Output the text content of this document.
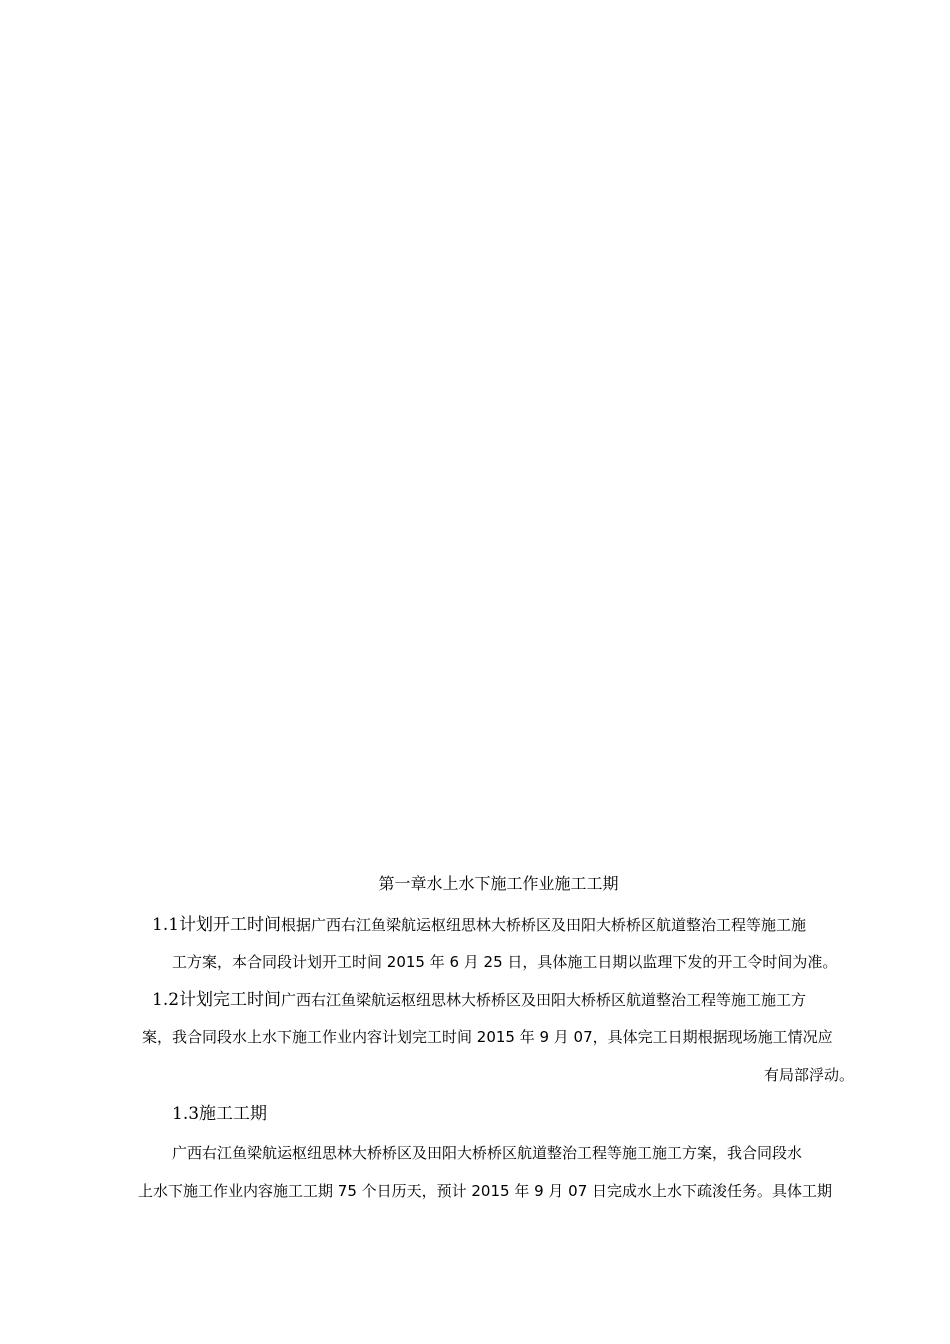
第一章水上水下施工作业施工工期
1.1计划开工时间根据广西右江鱼梁航运枢纽思林大桥桥区及田阳大桥桥区航道整治工程等施工施
工方案，本合同段计划开工时间 2015 年 6 月 25 日，具体施工日期以监理下发的开工令时间为准。
1.2计划完工时间广西右江鱼梁航运枢纽思林大桥桥区及田阳大桥桥区航道整治工程等施工施工方
案，我合同段水上水下施工作业内容计划完工时间 2015 年 9 月 07，具体完工日期根据现场施工情况应
有局部浮动。
1.3施工工期
广西右江鱼梁航运枢纽思林大桥桥区及田阳大桥桥区航道整治工程等施工施工方案，我合同段水
上水下施工作业内容施工工期 75 个日历天，预计 2015 年 9 月 07 日完成水上水下疏浚任务。具体工期
